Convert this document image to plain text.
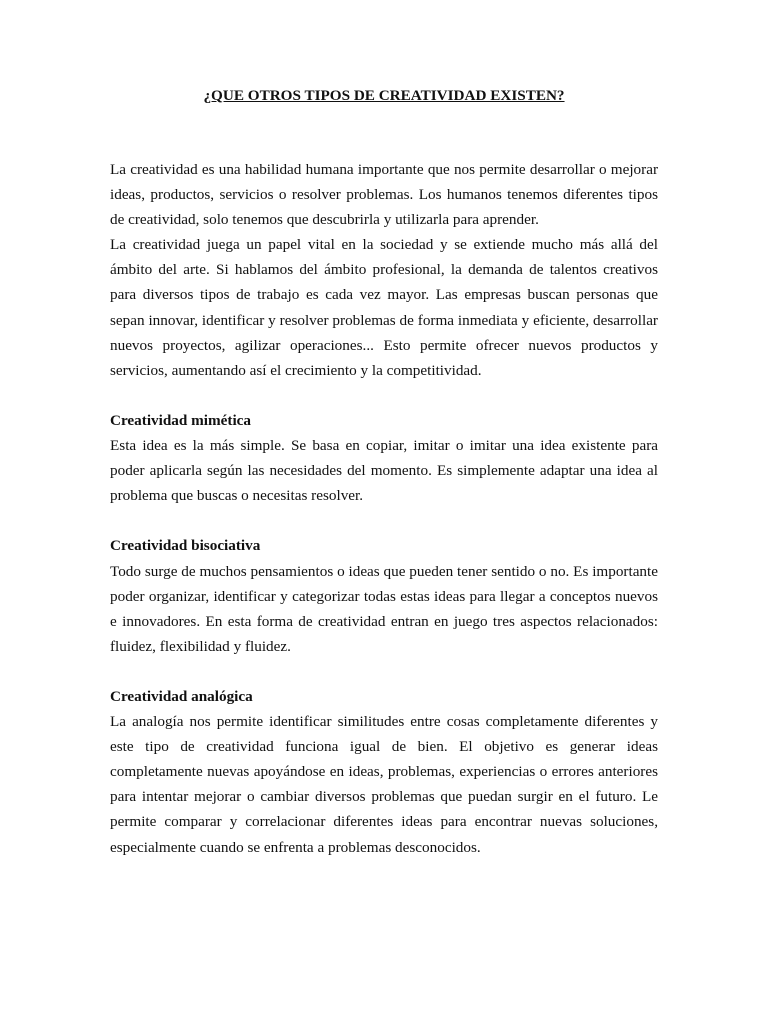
¿QUE OTROS TIPOS DE CREATIVIDAD EXISTEN?

La creatividad es una habilidad humana importante que nos permite desarrollar o mejorar ideas, productos, servicios o resolver problemas. Los humanos tenemos diferentes tipos de creatividad, solo tenemos que descubrirla y utilizarla para aprender.

La creatividad juega un papel vital en la sociedad y se extiende mucho más allá del ámbito del arte. Si hablamos del ámbito profesional, la demanda de talentos creativos para diversos tipos de trabajo es cada vez mayor. Las empresas buscan personas que sepan innovar, identificar y resolver problemas de forma inmediata y eficiente, desarrollar nuevos proyectos, agilizar operaciones... Esto permite ofrecer nuevos productos y servicios, aumentando así el crecimiento y la competitividad.

Creatividad mimética

Esta idea es la más simple. Se basa en copiar, imitar o imitar una idea existente para poder aplicarla según las necesidades del momento. Es simplemente adaptar una idea al problema que buscas o necesitas resolver.

Creatividad bisociativa

Todo surge de muchos pensamientos o ideas que pueden tener sentido o no. Es importante poder organizar, identificar y categorizar todas estas ideas para llegar a conceptos nuevos e innovadores. En esta forma de creatividad entran en juego tres aspectos relacionados: fluidez, flexibilidad y fluidez.

Creatividad analógica

La analogía nos permite identificar similitudes entre cosas completamente diferentes y este tipo de creatividad funciona igual de bien. El objetivo es generar ideas completamente nuevas apoyándose en ideas, problemas, experiencias o errores anteriores para intentar mejorar o cambiar diversos problemas que puedan surgir en el futuro. Le permite comparar y correlacionar diferentes ideas para encontrar nuevas soluciones, especialmente cuando se enfrenta a problemas desconocidos.
